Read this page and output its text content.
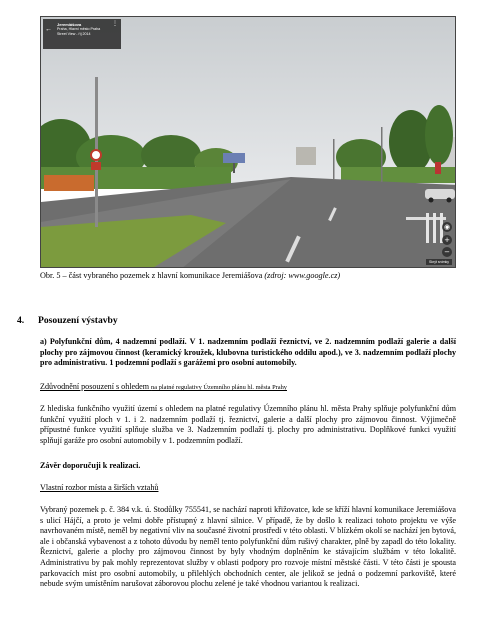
←
Jeremiášova
Praha, Hlavní město Praha
Street View - říj 2014
⋮
◉
+
−
Skrýt snímky
Obr. 5 – část vybraného pozemek z hlavní komunikace Jeremiášova (zdroj: www.google.cz)
4. Posouzení výstavby
a) Polyfunkční dům, 4 nadzemní podlaží. V 1. nadzemním podlaží řeznictví, ve 2. nadzemním podlaží galerie a další plochy pro zájmovou činnost (keramický kroužek, klubovna turistického oddílu apod.), ve 3. nadzemním podlaží plochy pro administrativu. 1 podzemní podlaží s garážemi pro osobní automobily.
Zdůvodnění posouzení s ohledem na platné regulativy Územního plánu hl. města Prahy
Z hlediska funkčního využití území s ohledem na platné regulativy Územního plánu hl. města Prahy splňuje polyfunkční dům funkční využití ploch v 1. i 2. nadzemním podlaží tj. řeznictví, galerie a další plochy pro zájmovou činnost. Výjimečně přípustné funkce využití splňuje služba ve 3. Nadzemním podlaží tj. plochy pro administrativu. Doplňkové funkci využití splňují garáže pro osobní automobily v 1. podzemním podlaží.
Závěr doporučuji k realizaci.
Vlastní rozbor místa a širších vztahů
Vybraný pozemek p. č. 384 v.k. ú. Stodůlky 755541, se nachází naproti křižovatce, kde se kříží hlavní komunikace Jeremiášova s ulicí Hájčí, a proto je velmi dobře přístupný z hlavní silnice. V případě, že by došlo k realizaci tohoto projektu ve výše navrhovaném místě, neměl by negativní vliv na současné životní prostředí v této oblasti. V blízkém okolí se nachází jen bytová, ale i občanská vybavenost a z tohoto důvodu by neměl tento polyfunkční dům rušivý charakter, plně by zapadl do této lokality. Řeznictví, galerie a plochy pro zájmovou činnost by byly vhodným doplněním ke stávajícím službám v této lokalitě. Administrativu by pak mohly reprezentovat služby v oblasti podpory pro rozvoje místní městské části. V této části je spousta parkovacích míst pro osobní automobily, u přilehlých obchodních center, ale jelikož se jedná o podzemní parkoviště, které nebude svým umístěním narušovat záborovou plochu zelené je také vhodnou variantou k realizaci.
